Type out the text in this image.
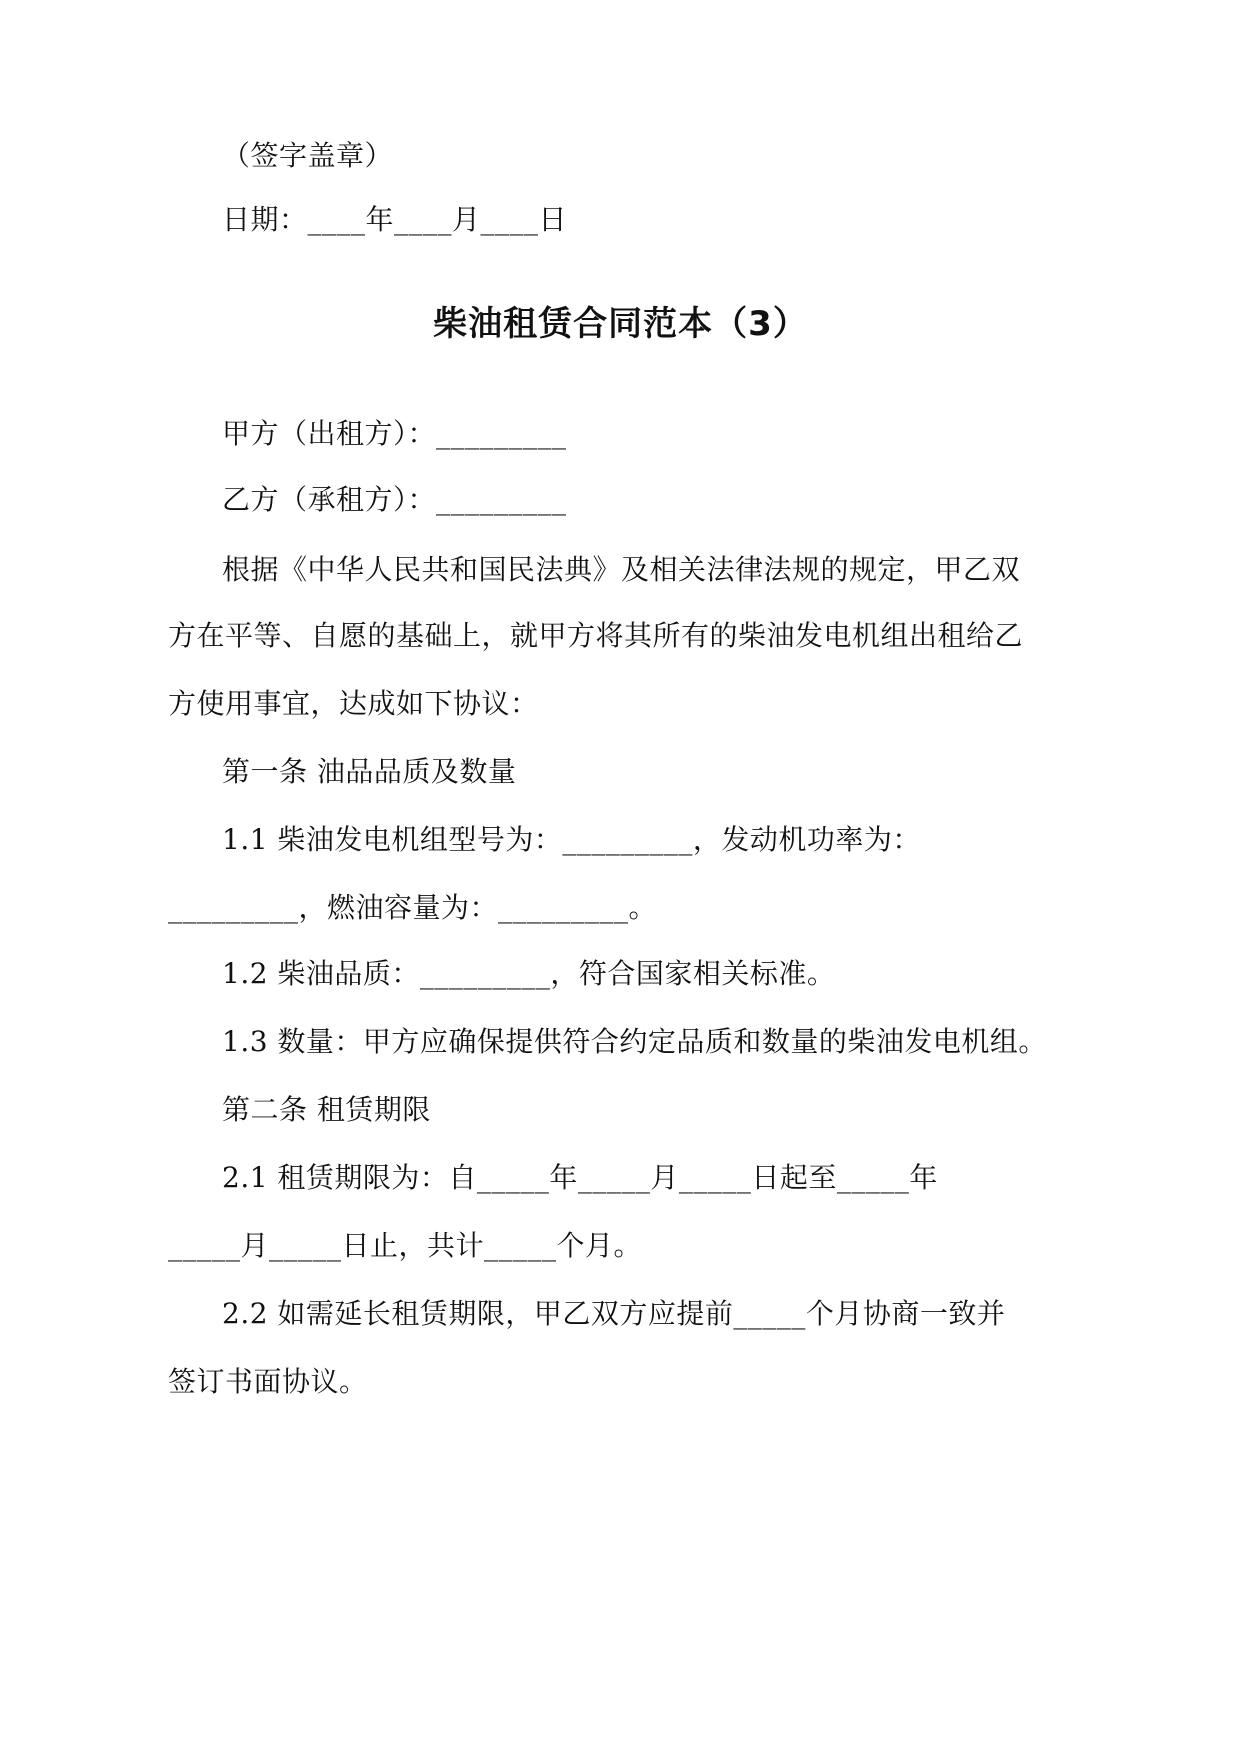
（签字盖章）
日期：____年____月____日
柴油租赁合同范本（3）
甲方（出租方）：_________
乙方（承租方）：_________
根据《中华人民共和国民法典》及相关法律法规的规定，甲乙双
方在平等、自愿的基础上，就甲方将其所有的柴油发电机组出租给乙
方使用事宜，达成如下协议：
第一条 油品品质及数量
1.1 柴油发电机组型号为：_________，发动机功率为：
_________，燃油容量为：_________。
1.2 柴油品质：_________，符合国家相关标准。
1.3 数量：甲方应确保提供符合约定品质和数量的柴油发电机组。
第二条 租赁期限
2.1 租赁期限为：自_____年_____月_____日起至_____年
_____月_____日止，共计_____个月。
2.2 如需延长租赁期限，甲乙双方应提前_____个月协商一致并
签订书面协议。
